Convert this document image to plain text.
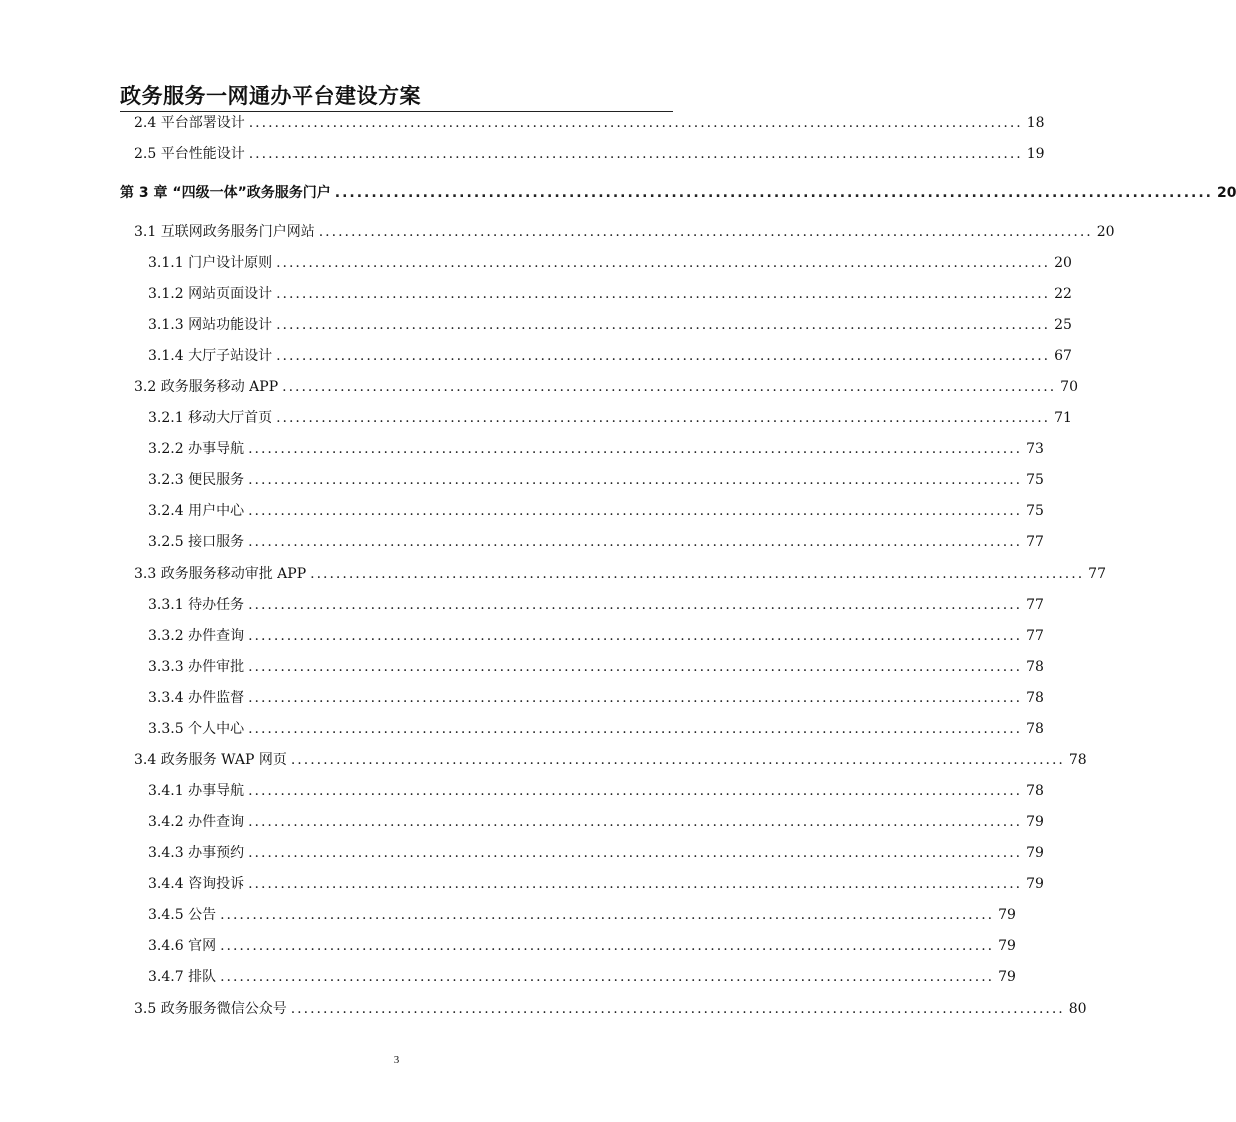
政务服务一网通办平台建设方案
2.4 平台部署设计 ........................................................................................................................ 18
2.5 平台性能设计 ........................................................................................................................ 19
第 3 章 “四级一体”政务服务门户 ........................................................................................................................ 20
3.1 互联网政务服务门户网站 ........................................................................................................................ 20
3.1.1 门户设计原则 ........................................................................................................................ 20
3.1.2 网站页面设计 ........................................................................................................................ 22
3.1.3 网站功能设计 ........................................................................................................................ 25
3.1.4 大厅子站设计 ........................................................................................................................ 67
3.2 政务服务移动 APP ........................................................................................................................ 70
3.2.1 移动大厅首页 ........................................................................................................................ 71
3.2.2 办事导航 ........................................................................................................................ 73
3.2.3 便民服务 ........................................................................................................................ 75
3.2.4 用户中心 ........................................................................................................................ 75
3.2.5 接口服务 ........................................................................................................................ 77
3.3 政务服务移动审批 APP ........................................................................................................................ 77
3.3.1 待办任务 ........................................................................................................................ 77
3.3.2 办件查询 ........................................................................................................................ 77
3.3.3 办件审批 ........................................................................................................................ 78
3.3.4 办件监督 ........................................................................................................................ 78
3.3.5 个人中心 ........................................................................................................................ 78
3.4 政务服务 WAP 网页 ........................................................................................................................ 78
3.4.1 办事导航 ........................................................................................................................ 78
3.4.2 办件查询 ........................................................................................................................ 79
3.4.3 办事预约 ........................................................................................................................ 79
3.4.4 咨询投诉 ........................................................................................................................ 79
3.4.5 公告 ........................................................................................................................ 79
3.4.6 官网 ........................................................................................................................ 79
3.4.7 排队 ........................................................................................................................ 79
3.5 政务服务微信公众号 ........................................................................................................................ 80
3
